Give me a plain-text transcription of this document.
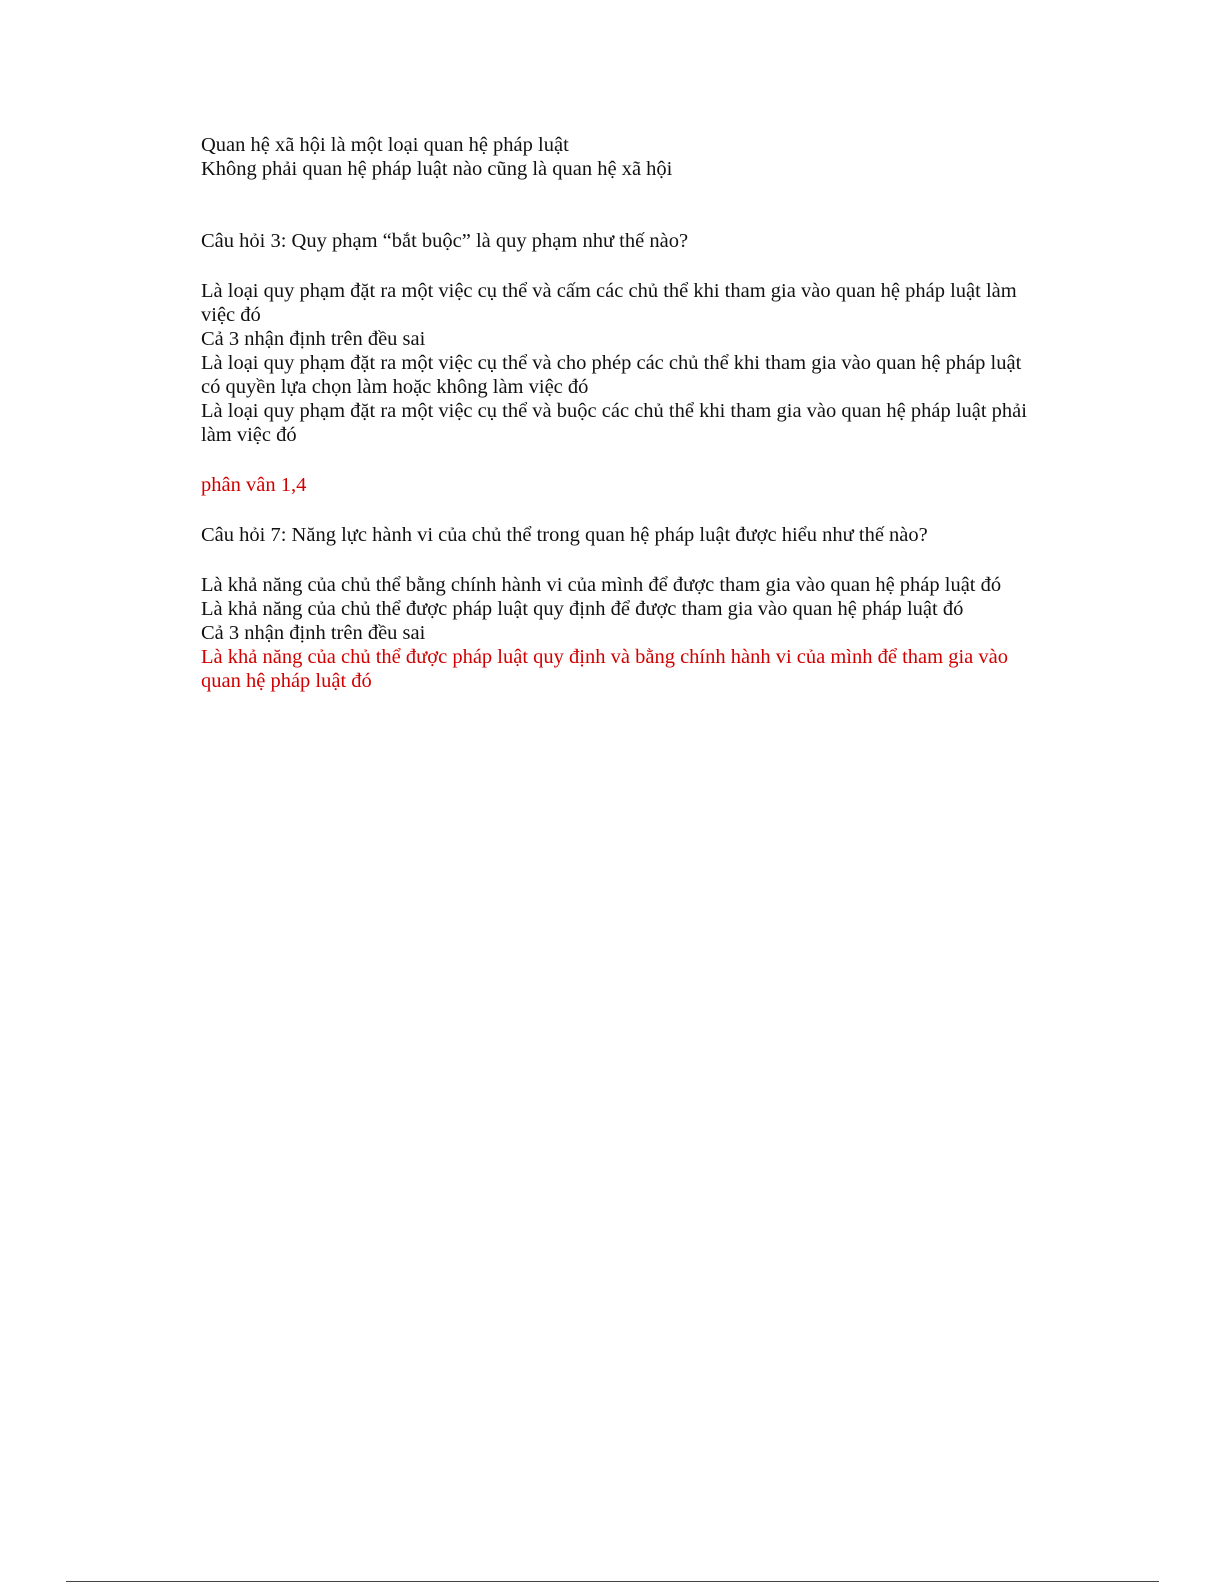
Quan hệ xã hội là một loại quan hệ pháp luật
Không phải quan hệ pháp luật nào cũng là quan hệ xã hội
Câu hỏi 3: Quy phạm “bắt buộc” là quy phạm như thế nào?
Là loại quy phạm đặt ra một việc cụ thể và cấm các chủ thể khi tham gia vào quan hệ pháp luật làm việc đó
Cả 3 nhận định trên đều sai
Là loại quy phạm đặt ra một việc cụ thể và cho phép các chủ thể khi tham gia vào quan hệ pháp luật có quyền lựa chọn làm hoặc không làm việc đó
Là loại quy phạm đặt ra một việc cụ thể và buộc các chủ thể khi tham gia vào quan hệ pháp luật phải làm việc đó
phân vân 1,4
Câu hỏi 7: Năng lực hành vi của chủ thể trong quan hệ pháp luật được hiểu như thế nào?
Là khả năng của chủ thể bằng chính hành vi của mình để được tham gia vào quan hệ pháp luật đó
Là khả năng của chủ thể được pháp luật quy định để được tham gia vào quan hệ pháp luật đó
Cả 3 nhận định trên đều sai
Là khả năng của chủ thể được pháp luật quy định và bằng chính hành vi của mình để tham gia vào quan hệ pháp luật đó
